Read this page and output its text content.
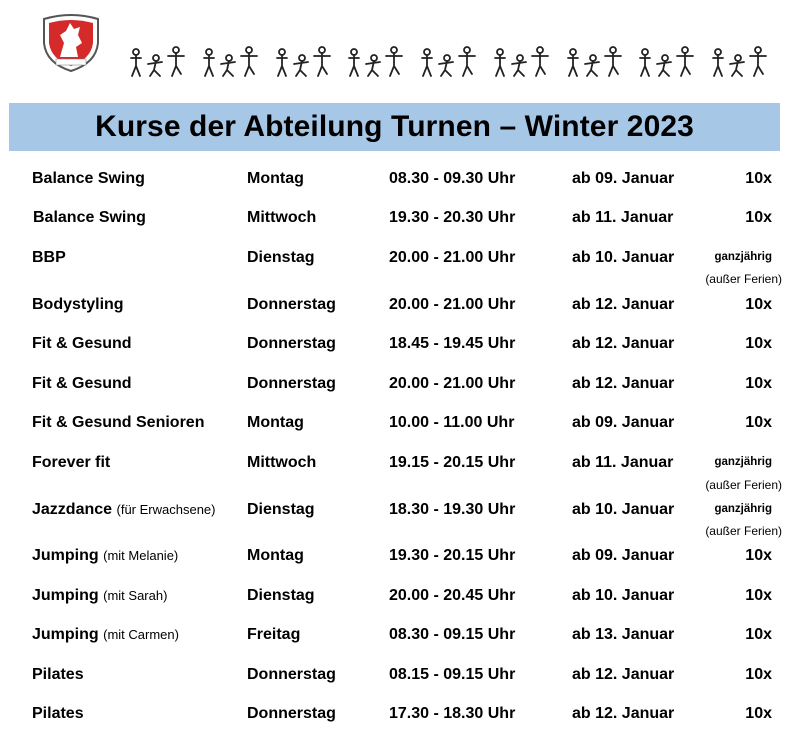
Kurse der Abteilung Turnen – Winter 2023
Balance Swing	Montag	08.30 - 09.30 Uhr	ab 09. Januar	10x
Balance Swing	Mittwoch	19.30 - 20.30 Uhr	ab 11. Januar	10x
BBP	Dienstag	20.00 - 21.00 Uhr	ab 10. Januar	ganzjährig
(außer Ferien)
Bodystyling	Donnerstag	20.00 - 21.00 Uhr	ab 12. Januar	10x
Fit & Gesund	Donnerstag	18.45 - 19.45 Uhr	ab 12. Januar	10x
Fit & Gesund	Donnerstag	20.00 - 21.00 Uhr	ab 12. Januar	10x
Fit & Gesund Senioren	Montag	10.00 - 11.00 Uhr	ab 09. Januar	10x
Forever fit	Mittwoch	19.15 - 20.15 Uhr	ab 11. Januar	ganzjährig
(außer Ferien)
Jazzdance (für Erwachsene) Dienstag	18.30 - 19.30 Uhr	ab 10. Januar	ganzjährig
(außer Ferien)
Jumping (mit Melanie)	Montag	19.30 - 20.15 Uhr	ab 09. Januar	10x
Jumping (mit Sarah)	Dienstag	20.00 - 20.45 Uhr	ab 10. Januar	10x
Jumping (mit Carmen)	Freitag	08.30 - 09.15 Uhr	ab 13. Januar	10x
Pilates	Donnerstag	08.15 - 09.15 Uhr	ab 12. Januar	10x
Pilates	Donnerstag	17.30 - 18.30 Uhr	ab 12. Januar	10x
